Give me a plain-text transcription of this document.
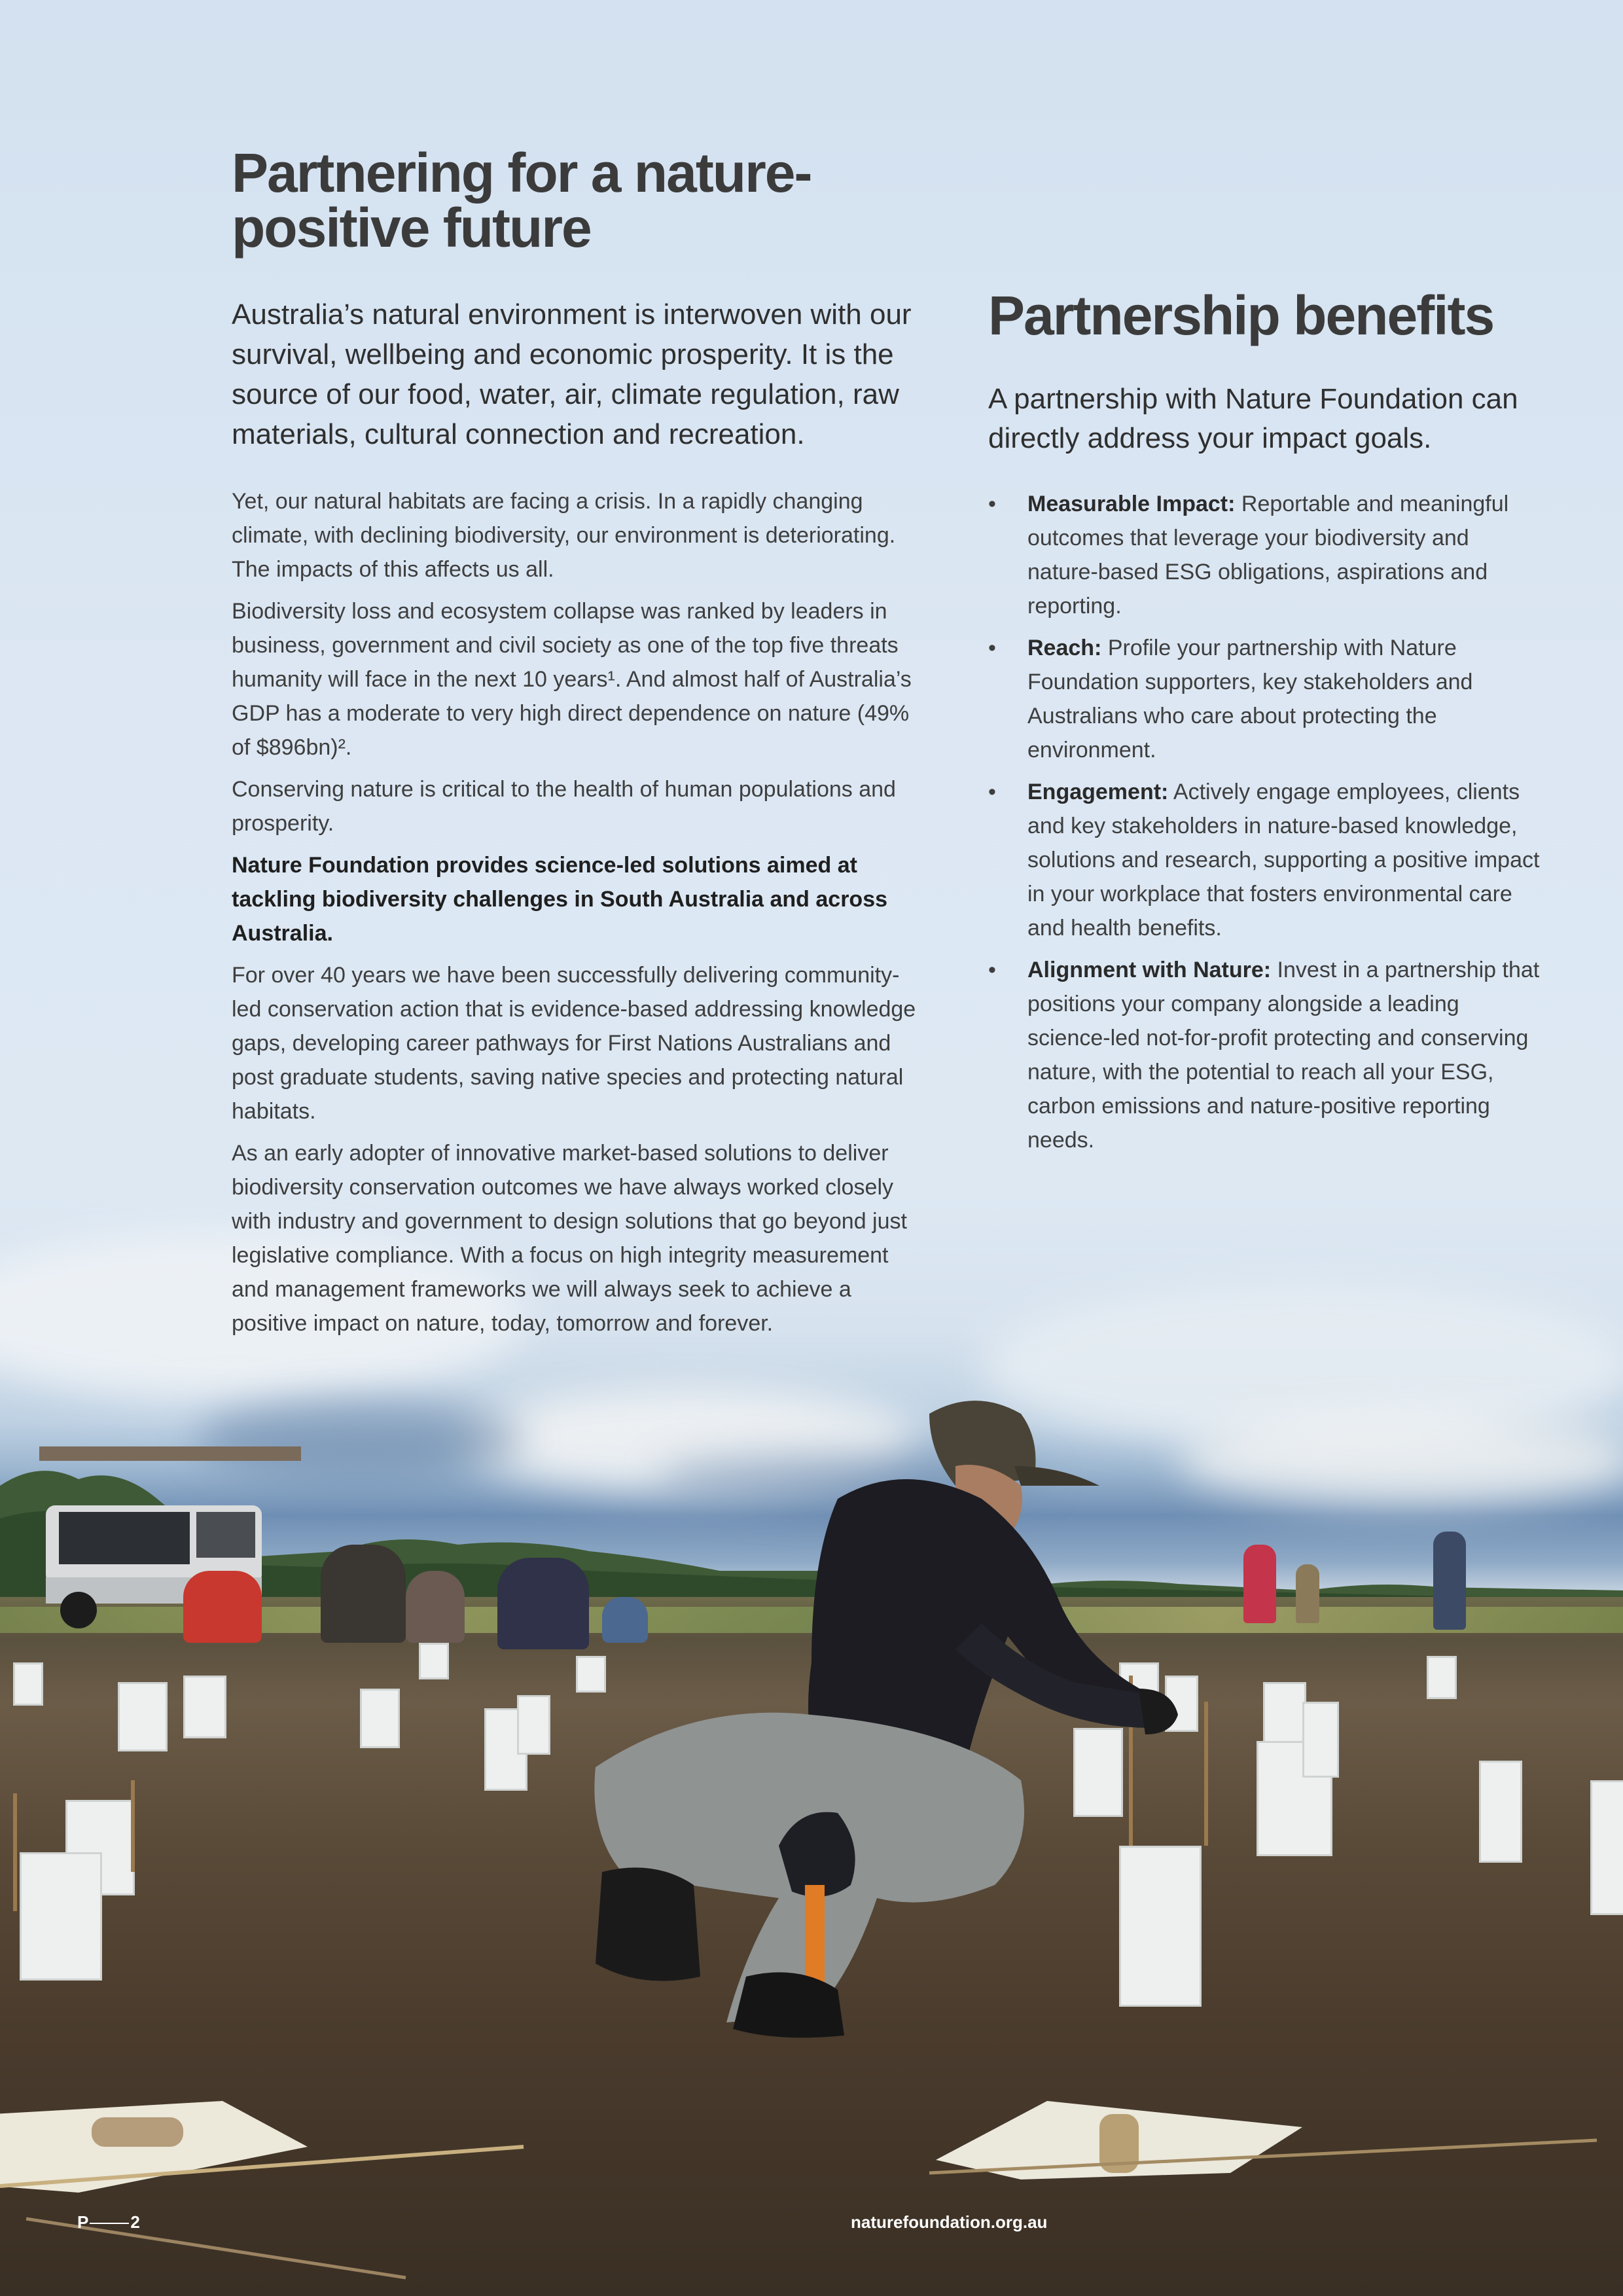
Partnering for a nature-positive future

Australia’s natural environment is interwoven with our survival, wellbeing and economic prosperity. It is the source of our food, water, air, climate regulation, raw materials, cultural connection and recreation.

Yet, our natural habitats are facing a crisis. In a rapidly changing climate, with declining biodiversity, our environment is deteriorating. The impacts of this affects us all.

Biodiversity loss and ecosystem collapse was ranked by leaders in business, government and civil society as one of the top five threats humanity will face in the next 10 years¹. And almost half of Australia’s GDP has a moderate to very high direct dependence on nature (49% of $896bn)².

Conserving nature is critical to the health of human populations and prosperity.

Nature Foundation provides science-led solutions aimed at tackling biodiversity challenges in South Australia and across Australia.

For over 40 years we have been successfully delivering community-led conservation action that is evidence-based addressing knowledge gaps, developing career pathways for First Nations Australians and post graduate students, saving native species and protecting natural habitats.

As an early adopter of innovative market-based solutions to deliver biodiversity conservation outcomes we have always worked closely with industry and government to design solutions that go beyond just legislative compliance. With a focus on high integrity measurement and management frameworks we will always seek to achieve a positive impact on nature, today, tomorrow and forever.

Partnership benefits

A partnership with Nature Foundation can directly address your impact goals.

• Measurable Impact: Reportable and meaningful outcomes that leverage your biodiversity and nature-based ESG obligations, aspirations and reporting.
• Reach: Profile your partnership with Nature Foundation supporters, key stakeholders and Australians who care about protecting the environment.
• Engagement: Actively engage employees, clients and key stakeholders in nature-based knowledge, solutions and research, supporting a positive impact in your workplace that fosters environmental care and health benefits.
• Alignment with Nature: Invest in a partnership that positions your company alongside a leading science-led not-for-profit protecting and conserving nature, with the potential to reach all your ESG, carbon emissions and nature-positive reporting needs.
P 2	naturefoundation.org.au
